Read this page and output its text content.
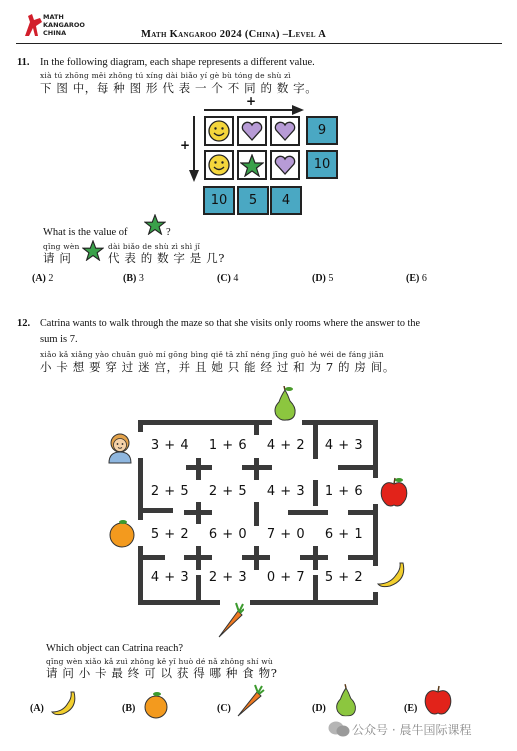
MATH KANGAROO CHINA	Math Kangaroo 2024 (China) –Level A
11. In the following diagram, each shape represents a different value.
xià tú zhōng měi zhǒng tú xíng dài biǎo yí gè bù tóng de shù zì
下 图 中，每 种 图 形 代 表 一 个 不 同 的 数 字。
+
+
9
10
10	5	4
What is the value of	?
qǐng wèn	dài biǎo de shù zì shì jǐ
请 问	代 表 的 数 字 是 几?
(A) 2	(B) 3	(C) 4	(D) 5	(E) 6
12. Catrina wants to walk through the maze so that she visits only rooms where the answer to the
sum is 7.
xiǎo kǎ xiǎng yào chuān guò mí gōng bìng qiě tā zhǐ néng jīng guò hé wéi de fáng jiān
小 卡 想 要 穿 过 迷 宫，并 且 她 只 能 经 过 和 为 7 的 房 间。
3 + 4	1 + 6	4 + 2	4 + 3
2 + 5	2 + 5	4 + 3	1 + 6
5 + 2	6 + 0	7 + 0	6 + 1
4 + 3	2 + 3	0 + 7	5 + 2
Which object can Catrina reach?
qǐng wèn xiǎo kǎ zuì zhōng kě yǐ huò dé nǎ zhǒng shí wù
请 问 小 卡 最 终 可 以 获 得 哪 种 食 物?
(A)	(B)	(C)	(D)	(E)
公众号 · 晨牛国际课程
